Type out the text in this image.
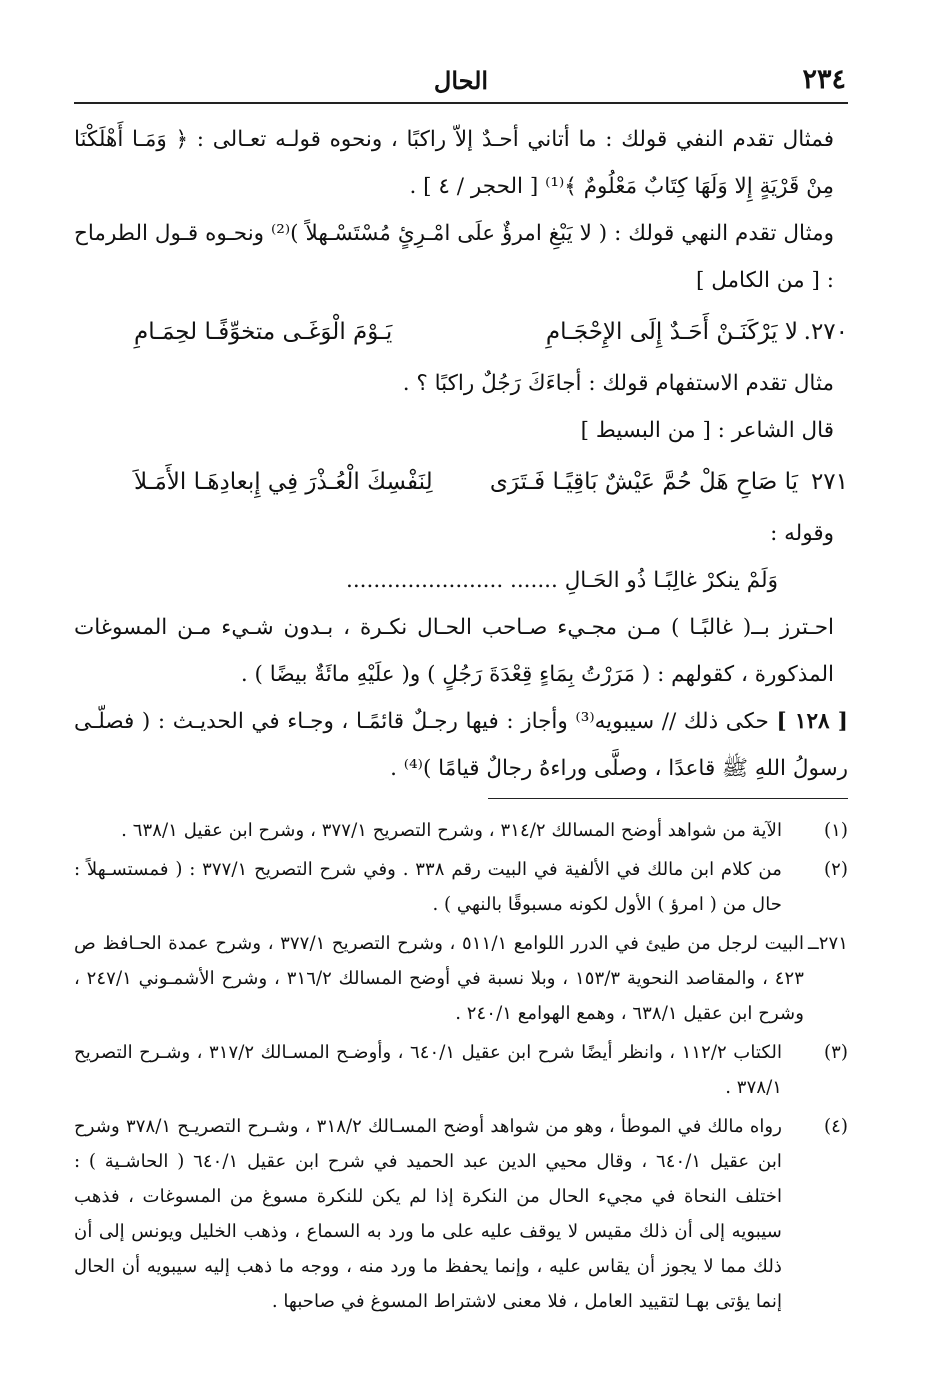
٢٣٤
الحال

فمثال تقدم النفي قولك : ما أتاني أحـدٌ إلاّ راكبًا ، ونحوه قولـه تعـالى : ﴿ وَمَـا أَهْلَكْنَا مِنْ قَرْيَةٍ إِلا وَلَهَا كِتَابٌ مَعْلُومٌ ﴾⁽¹⁾ [ الحجر / ٤ ] .

ومثال تقدم النهي قولك : ( لا يَبْغِ امرؤٌ علَى امْـرِئٍ مُسْتَسْـهلاً )⁽²⁾ ونحـوه قـول الطرماح : [ من الكامل ]

٢٧٠.
لا يَرْكَنَـنْ أَحَـدٌ إِلَى الإِحْجَـامِ
يَـوْمَ الْوَغَـى متخوِّفًـا لحِمَـامِ

مثال تقدم الاستفهام قولك : أجاءَكَ رَجُلٌ راكبًا ؟ .

قال الشاعر : [ من البسيط ]

٢٧١
يَا صَاحِ هَلْ حُمَّ عَيْشٌ بَاقِيًـا فَـتَرَى
لِنَفْسِكَ الْعُـذْرَ فِي إِبعادِهَـا الأَمَـلاَ

وقوله :

وَلَمْ ينكرْ غالِبًـا ذُو الحَـالِ ....... .......................

احـترز بــ( غالبًـا ) مـن مجـيء صـاحب الحـال نكـرة ، بـدون شـيء مـن المسوغات المذكورة ، كقولهم : ( مَرَرْتُ بِمَاءٍ قِعْدَةَ رَجُلٍ ) و( علَيْهِ مائَةٌ بيضًا ) .

[ ١٢٨ ] حكى ذلك // سيبويه⁽³⁾ وأجاز : فيها رجـلٌ قائمًـا ، وجـاء في الحديـث : ( فصلّـى رسولُ اللهِ ﷺ قاعدًا ، وصلَّى وراءهُ رجالٌ قيامًا )⁽⁴⁾ .

(١)
الآية من شواهد أوضح المسالك ٣١٤/٢ ، وشرح التصريح ٣٧٧/١ ، وشرح ابن عقيل ٦٣٨/١ .
(٢)
من كلام ابن مالك في الألفية في البيت رقم ٣٣٨ . وفي شرح التصريح ٣٧٧/١ : ( فمستسـهلاً : حال من ( امرؤ ) الأول لكونه مسبوقًا بالنهي ) .
٢٧١ــ
البيت لرجل من طيئ في الدرر اللوامع ٥١١/١ ، وشرح التصريح ٣٧٧/١ ، وشرح عمدة الحـافظ ص ٤٢٣ ، والمقاصد النحوية ١٥٣/٣ ، وبلا نسبة في أوضح المسالك ٣١٦/٢ ، وشرح الأشمـوني ٢٤٧/١ ، وشرح ابن عقيل ٦٣٨/١ ، وهمع الهوامع ٢٤٠/١ .
(٣)
الكتاب ١١٢/٢ ، وانظر أيضًا شرح ابن عقيل ٦٤٠/١ ، وأوضـح المسـالك ٣١٧/٢ ، وشـرح التصريح ٣٧٨/١ .
(٤)
رواه مالك في الموطأ ، وهو من شواهد أوضح المسـالك ٣١٨/٢ ، وشـرح التصريـح ٣٧٨/١ وشرح ابن عقيل ٦٤٠/١ ، وقال محيي الدين عبد الحميد في شرح ابن عقيل ٦٤٠/١ ( الحاشـية ) : اختلف النحاة في مجيء الحال من النكرة إذا لم يكن للنكرة مسوغ من المسوغات ، فذهب سيبويه إلى أن ذلك مقيس لا يوقف عليه على ما ورد به السماع ، وذهب الخليل ويونس إلى أن ذلك مما لا يجوز أن يقاس عليه ، وإنما يحفظ ما ورد منه ، ووجه ما ذهب إليه سيبويه أن الحال إنما يؤتى بهـا لتقييد العامل ، فلا معنى لاشتراط المسوغ في صاحبها .
